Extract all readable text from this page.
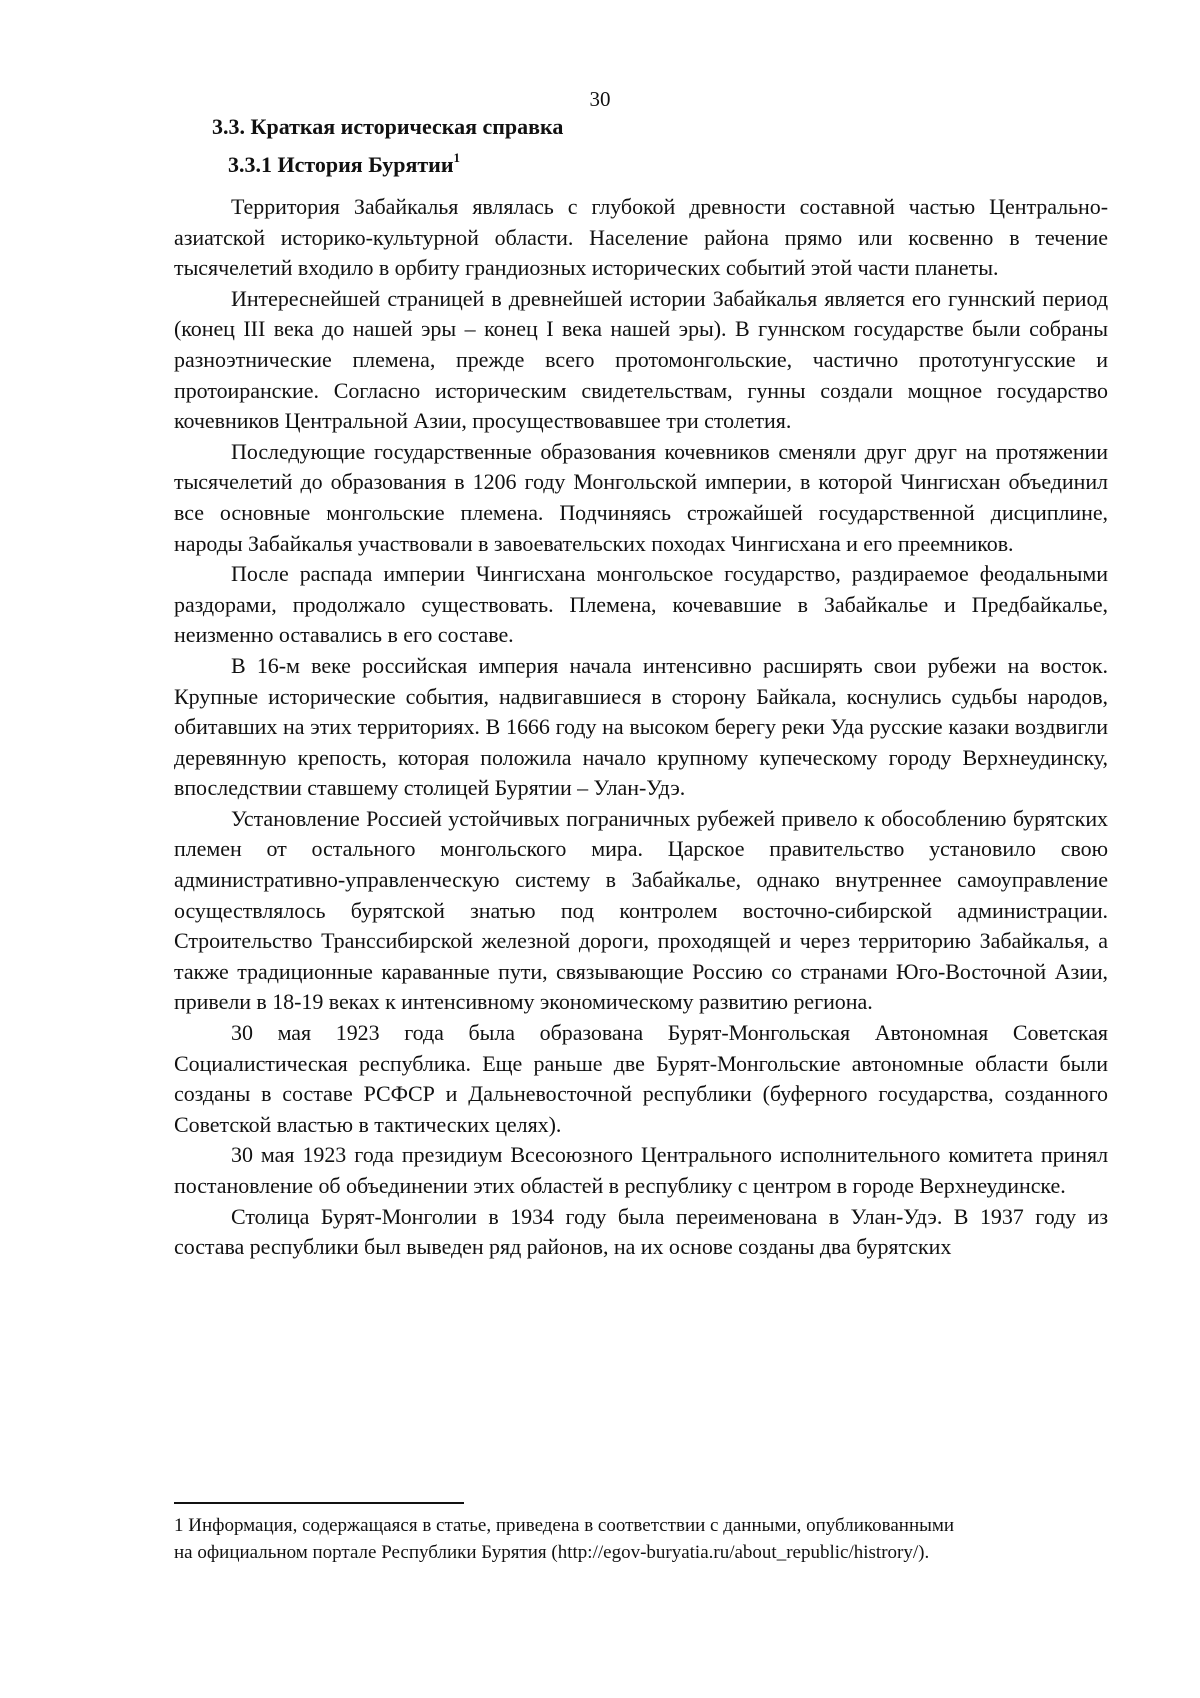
30
3.3. Краткая историческая справка
3.3.1 История Бурятии$^1$

Территория Забайкалья являлась с глубокой древности составной частью Центрально-азиатской историко-культурной области. Население района прямо или косвенно в течение тысячелетий входило в орбиту грандиозных исторических событий этой части планеты.

Интереснейшей страницей в древнейшей истории Забайкалья является его гуннский период (конец III века до нашей эры – конец I века нашей эры). В гуннском государстве были собраны разноэтнические племена, прежде всего протомонгольские, частично прототунгусские и протоиранские. Согласно историческим свидетельствам, гунны создали мощное государство кочевников Центральной Азии, просуществовавшее три столетия.

Последующие государственные образования кочевников сменяли друг друг на протяжении тысячелетий до образования в 1206 году Монгольской империи, в которой Чингисхан объединил все основные монгольские племена. Подчиняясь строжайшей государственной дисциплине, народы Забайкалья участвовали в завоевательских походах Чингисхана и его преемников.

После распада империи Чингисхана монгольское государство, раздираемое феодальными раздорами, продолжало существовать. Племена, кочевавшие в Забайкалье и Предбайкалье, неизменно оставались в его составе.

В 16-м веке российская империя начала интенсивно расширять свои рубежи на восток. Крупные исторические события, надвигавшиеся в сторону Байкала, коснулись судьбы народов, обитавших на этих территориях. В 1666 году на высоком берегу реки Уда русские казаки воздвигли деревянную крепость, которая положила начало крупному купеческому городу Верхнеудинску, впоследствии ставшему столицей Бурятии – Улан-Удэ.

Установление Россией устойчивых пограничных рубежей привело к обособлению бурятских племен от остального монгольского мира. Царское правительство установило свою административно-управленческую систему в Забайкалье, однако внутреннее самоуправление осуществлялось бурятской знатью под контролем восточно-сибирской администрации. Строительство Транссибирской железной дороги, проходящей и через территорию Забайкалья, а также традиционные караванные пути, связывающие Россию со странами Юго-Восточной Азии, привели в 18-19 веках к интенсивному экономическому развитию региона.

30 мая 1923 года была образована Бурят-Монгольская Автономная Советская Социалистическая республика. Еще раньше две Бурят-Монгольские автономные области были созданы в составе РСФСР и Дальневосточной республики (буферного государства, созданного Советской властью в тактических целях).

30 мая 1923 года президиум Всесоюзного Центрального исполнительного комитета принял постановление об объединении этих областей в республику с центром в городе Верхнеудинске.

Столица Бурят-Монголии в 1934 году была переименована в Улан-Удэ. В 1937 году из состава республики был выведен ряд районов, на их основе созданы два бурятских

1 Информация, содержащаяся в статье, приведена в соответствии с данными, опубликованными
на официальном портале Республики Бурятия (http://egov-buryatia.ru/about_republic/histrory/).
